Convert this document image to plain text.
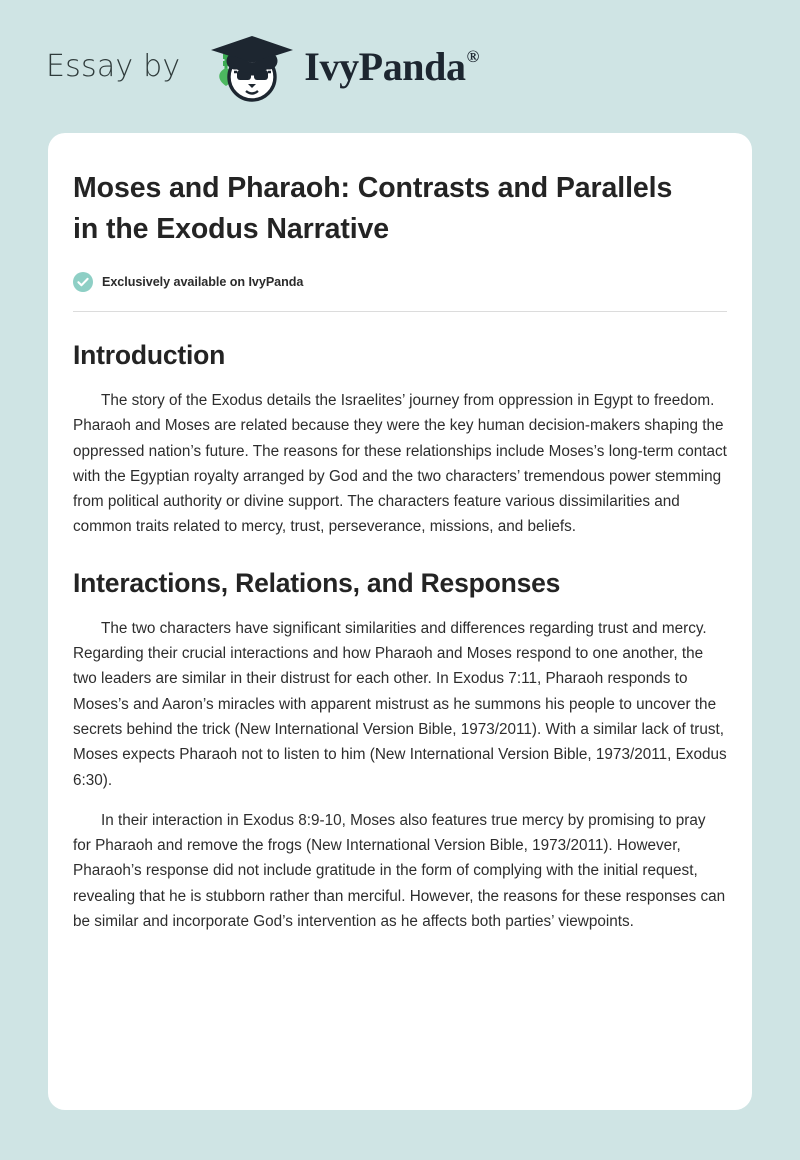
Essay by	IvyPanda®
Moses and Pharaoh: Contrasts and Parallels in the Exodus Narrative
Exclusively available on IvyPanda
Introduction

The story of the Exodus details the Israelites’ journey from oppression in Egypt to freedom. Pharaoh and Moses are related because they were the key human decision-makers shaping the oppressed nation’s future. The reasons for these relationships include Moses’s long-term contact with the Egyptian royalty arranged by God and the two characters’ tremendous power stemming from political authority or divine support. The characters feature various dissimilarities and common traits related to mercy, trust, perseverance, missions, and beliefs.

Interactions, Relations, and Responses

The two characters have significant similarities and differences regarding trust and mercy. Regarding their crucial interactions and how Pharaoh and Moses respond to one another, the two leaders are similar in their distrust for each other. In Exodus 7:11, Pharaoh responds to Moses’s and Aaron’s miracles with apparent mistrust as he summons his people to uncover the secrets behind the trick (New International Version Bible, 1973/2011). With a similar lack of trust, Moses expects Pharaoh not to listen to him (New International Version Bible, 1973/2011, Exodus 6:30).

In their interaction in Exodus 8:9-10, Moses also features true mercy by promising to pray for Pharaoh and remove the frogs (New International Version Bible, 1973/2011). However, Pharaoh’s response did not include gratitude in the form of complying with the initial request, revealing that he is stubborn rather than merciful. However, the reasons for these responses can be similar and incorporate God’s intervention as he affects both parties’ viewpoints.
